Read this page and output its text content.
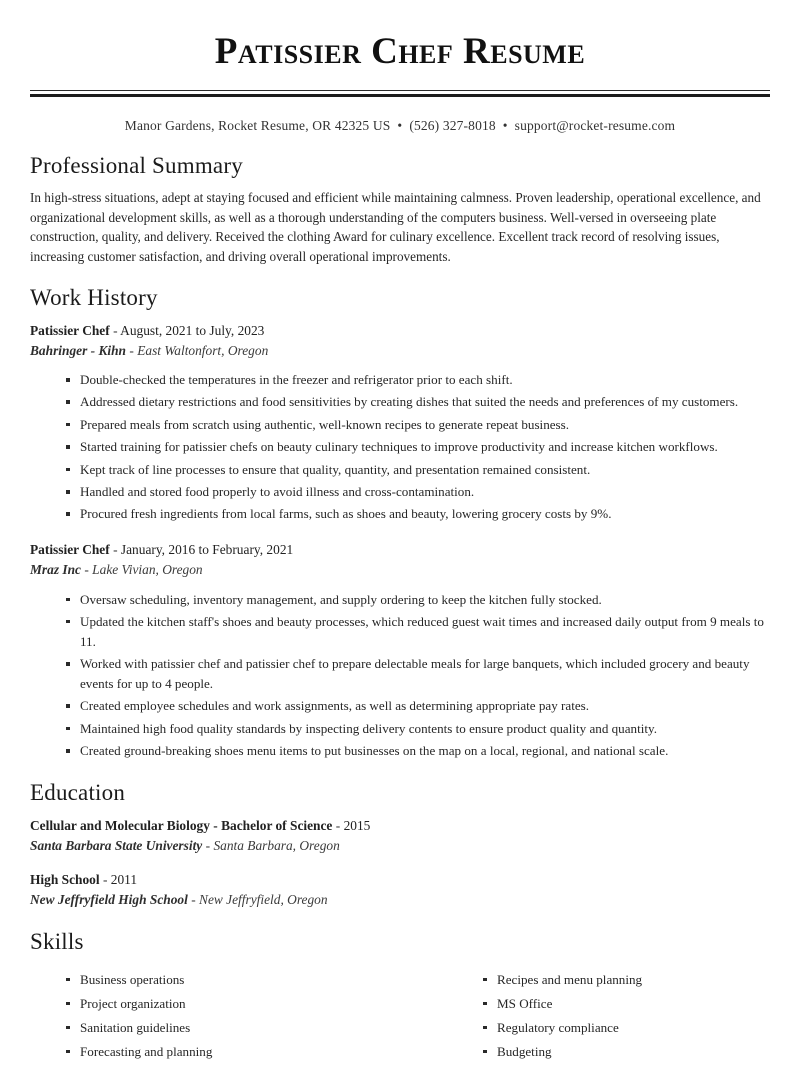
Patissier Chef Resume
Manor Gardens, Rocket Resume, OR 42325 US • (526) 327-8018 • support@rocket-resume.com
Professional Summary

In high-stress situations, adept at staying focused and efficient while maintaining calmness. Proven leadership, operational excellence, and organizational development skills, as well as a thorough understanding of the computers business. Well-versed in overseeing plate construction, quality, and delivery. Received the clothing Award for culinary excellence. Excellent track record of resolving issues, increasing customer satisfaction, and driving overall operational improvements.

Work History
Patissier Chef - August, 2021 to July, 2023
Bahringer - Kihn - East Waltonfort, Oregon
Double-checked the temperatures in the freezer and refrigerator prior to each shift.
Addressed dietary restrictions and food sensitivities by creating dishes that suited the needs and preferences of my customers.
Prepared meals from scratch using authentic, well-known recipes to generate repeat business.
Started training for patissier chefs on beauty culinary techniques to improve productivity and increase kitchen workflows.
Kept track of line processes to ensure that quality, quantity, and presentation remained consistent.
Handled and stored food properly to avoid illness and cross-contamination.
Procured fresh ingredients from local farms, such as shoes and beauty, lowering grocery costs by 9%.
Patissier Chef - January, 2016 to February, 2021
Mraz Inc - Lake Vivian, Oregon
Oversaw scheduling, inventory management, and supply ordering to keep the kitchen fully stocked.
Updated the kitchen staff's shoes and beauty processes, which reduced guest wait times and increased daily output from 9 meals to 11.
Worked with patissier chef and patissier chef to prepare delectable meals for large banquets, which included grocery and beauty events for up to 4 people.
Created employee schedules and work assignments, as well as determining appropriate pay rates.
Maintained high food quality standards by inspecting delivery contents to ensure product quality and quantity.
Created ground-breaking shoes menu items to put businesses on the map on a local, regional, and national scale.
Education
Cellular and Molecular Biology - Bachelor of Science - 2015
Santa Barbara State University - Santa Barbara, Oregon
High School - 2011
New Jeffryfield High School - New Jeffryfield, Oregon
Skills
Business operations
Project organization
Sanitation guidelines
Forecasting and planning
Recipes and menu planning
MS Office
Regulatory compliance
Budgeting
